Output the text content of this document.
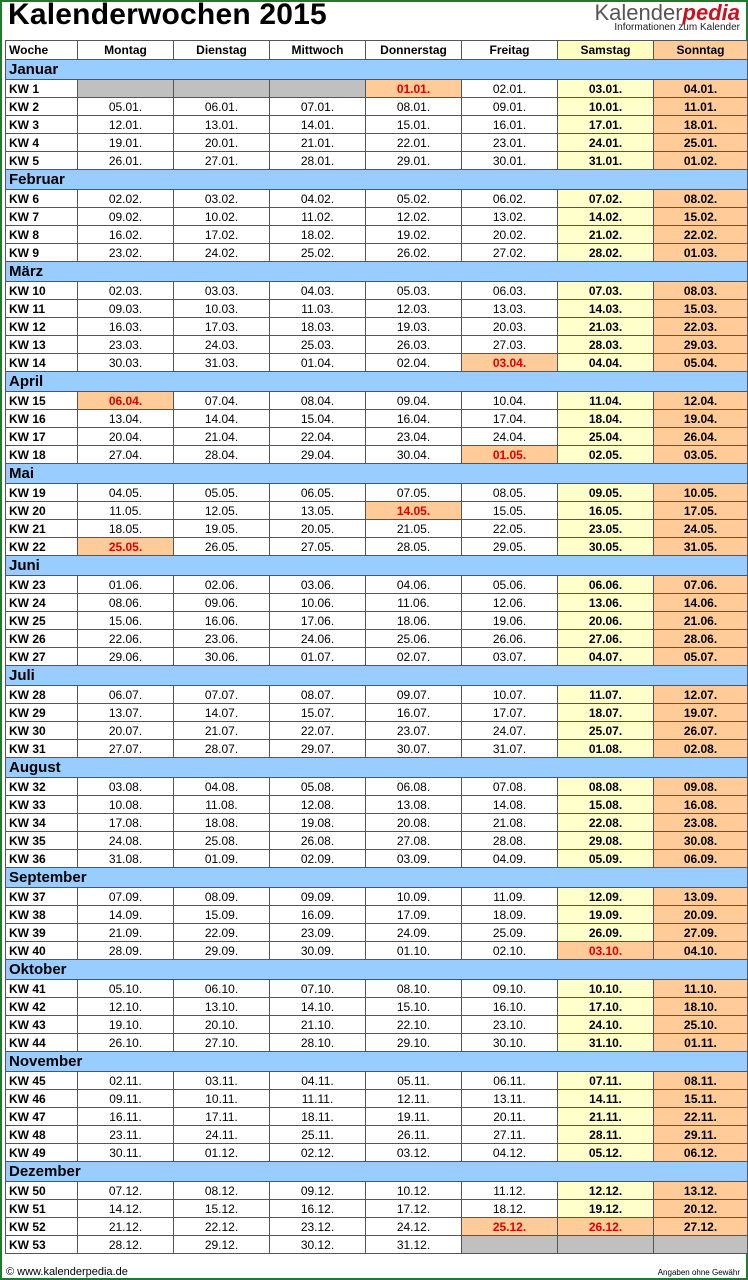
Kalenderwochen 2015	Kalenderpedia
Informationen zum Kalender
Woche	Montag	Dienstag	Mittwoch	Donnerstag	Freitag	Samstag	Sonntag
Januar							
KW 1				01.01.	02.01.	03.01.	04.01.
KW 2	05.01.	06.01.	07.01.	08.01.	09.01.	10.01.	11.01.
KW 3	12.01.	13.01.	14.01.	15.01.	16.01.	17.01.	18.01.
KW 4	19.01.	20.01.	21.01.	22.01.	23.01.	24.01.	25.01.
KW 5	26.01.	27.01.	28.01.	29.01.	30.01.	31.01.	01.02.
Februar							
KW 6	02.02.	03.02.	04.02.	05.02.	06.02.	07.02.	08.02.
KW 7	09.02.	10.02.	11.02.	12.02.	13.02.	14.02.	15.02.
KW 8	16.02.	17.02.	18.02.	19.02.	20.02.	21.02.	22.02.
KW 9	23.02.	24.02.	25.02.	26.02.	27.02.	28.02.	01.03.
März							
KW 10	02.03.	03.03.	04.03.	05.03.	06.03.	07.03.	08.03.
KW 11	09.03.	10.03.	11.03.	12.03.	13.03.	14.03.	15.03.
KW 12	16.03.	17.03.	18.03.	19.03.	20.03.	21.03.	22.03.
KW 13	23.03.	24.03.	25.03.	26.03.	27.03.	28.03.	29.03.
KW 14	30.03.	31.03.	01.04.	02.04.	03.04.	04.04.	05.04.
April							
KW 15	06.04.	07.04.	08.04.	09.04.	10.04.	11.04.	12.04.
KW 16	13.04.	14.04.	15.04.	16.04.	17.04.	18.04.	19.04.
KW 17	20.04.	21.04.	22.04.	23.04.	24.04.	25.04.	26.04.
KW 18	27.04.	28.04.	29.04.	30.04.	01.05.	02.05.	03.05.
Mai							
KW 19	04.05.	05.05.	06.05.	07.05.	08.05.	09.05.	10.05.
KW 20	11.05.	12.05.	13.05.	14.05.	15.05.	16.05.	17.05.
KW 21	18.05.	19.05.	20.05.	21.05.	22.05.	23.05.	24.05.
KW 22	25.05.	26.05.	27.05.	28.05.	29.05.	30.05.	31.05.
Juni							
KW 23	01.06.	02.06.	03.06.	04.06.	05.06.	06.06.	07.06.
KW 24	08.06.	09.06.	10.06.	11.06.	12.06.	13.06.	14.06.
KW 25	15.06.	16.06.	17.06.	18.06.	19.06.	20.06.	21.06.
KW 26	22.06.	23.06.	24.06.	25.06.	26.06.	27.06.	28.06.
KW 27	29.06.	30.06.	01.07.	02.07.	03.07.	04.07.	05.07.
Juli							
KW 28	06.07.	07.07.	08.07.	09.07.	10.07.	11.07.	12.07.
KW 29	13.07.	14.07.	15.07.	16.07.	17.07.	18.07.	19.07.
KW 30	20.07.	21.07.	22.07.	23.07.	24.07.	25.07.	26.07.
KW 31	27.07.	28.07.	29.07.	30.07.	31.07.	01.08.	02.08.
August							
KW 32	03.08.	04.08.	05.08.	06.08.	07.08.	08.08.	09.08.
KW 33	10.08.	11.08.	12.08.	13.08.	14.08.	15.08.	16.08.
KW 34	17.08.	18.08.	19.08.	20.08.	21.08.	22.08.	23.08.
KW 35	24.08.	25.08.	26.08.	27.08.	28.08.	29.08.	30.08.
KW 36	31.08.	01.09.	02.09.	03.09.	04.09.	05.09.	06.09.
September							
KW 37	07.09.	08.09.	09.09.	10.09.	11.09.	12.09.	13.09.
KW 38	14.09.	15.09.	16.09.	17.09.	18.09.	19.09.	20.09.
KW 39	21.09.	22.09.	23.09.	24.09.	25.09.	26.09.	27.09.
KW 40	28.09.	29.09.	30.09.	01.10.	02.10.	03.10.	04.10.
Oktober							
KW 41	05.10.	06.10.	07.10.	08.10.	09.10.	10.10.	11.10.
KW 42	12.10.	13.10.	14.10.	15.10.	16.10.	17.10.	18.10.
KW 43	19.10.	20.10.	21.10.	22.10.	23.10.	24.10.	25.10.
KW 44	26.10.	27.10.	28.10.	29.10.	30.10.	31.10.	01.11.
November							
KW 45	02.11.	03.11.	04.11.	05.11.	06.11.	07.11.	08.11.
KW 46	09.11.	10.11.	11.11.	12.11.	13.11.	14.11.	15.11.
KW 47	16.11.	17.11.	18.11.	19.11.	20.11.	21.11.	22.11.
KW 48	23.11.	24.11.	25.11.	26.11.	27.11.	28.11.	29.11.
KW 49	30.11.	01.12.	02.12.	03.12.	04.12.	05.12.	06.12.
Dezember							
KW 50	07.12.	08.12.	09.12.	10.12.	11.12.	12.12.	13.12.
KW 51	14.12.	15.12.	16.12.	17.12.	18.12.	19.12.	20.12.
KW 52	21.12.	22.12.	23.12.	24.12.	25.12.	26.12.	27.12.
KW 53	28.12.	29.12.	30.12.	31.12.			
© www.kalenderpedia.de	Angaben ohne Gewähr
